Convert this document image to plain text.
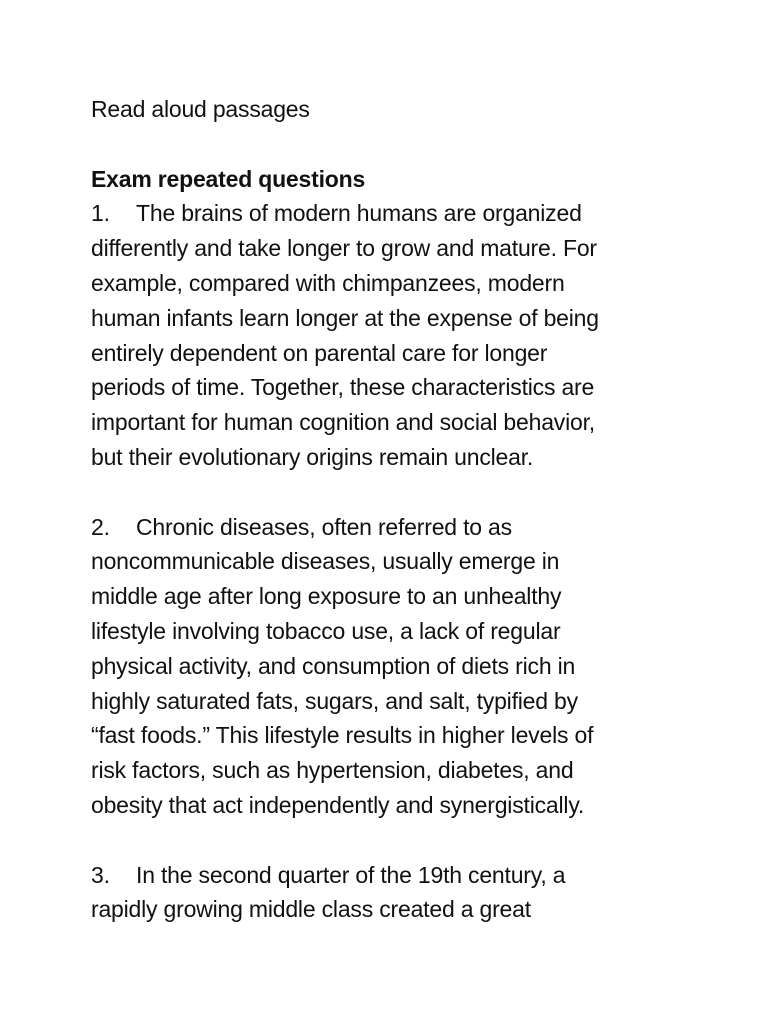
Read aloud passages
Exam repeated questions
1. The brains of modern humans are organized
differently and take longer to grow and mature. For
example, compared with chimpanzees, modern
human infants learn longer at the expense of being
entirely dependent on parental care for longer
periods of time. Together, these characteristics are
important for human cognition and social behavior,
but their evolutionary origins remain unclear.
2. Chronic diseases, often referred to as
noncommunicable diseases, usually emerge in
middle age after long exposure to an unhealthy
lifestyle involving tobacco use, a lack of regular
physical activity, and consumption of diets rich in
highly saturated fats, sugars, and salt, typified by
“fast foods.” This lifestyle results in higher levels of
risk factors, such as hypertension, diabetes, and
obesity that act independently and synergistically.
3. In the second quarter of the 19th century, a
rapidly growing middle class created a great
